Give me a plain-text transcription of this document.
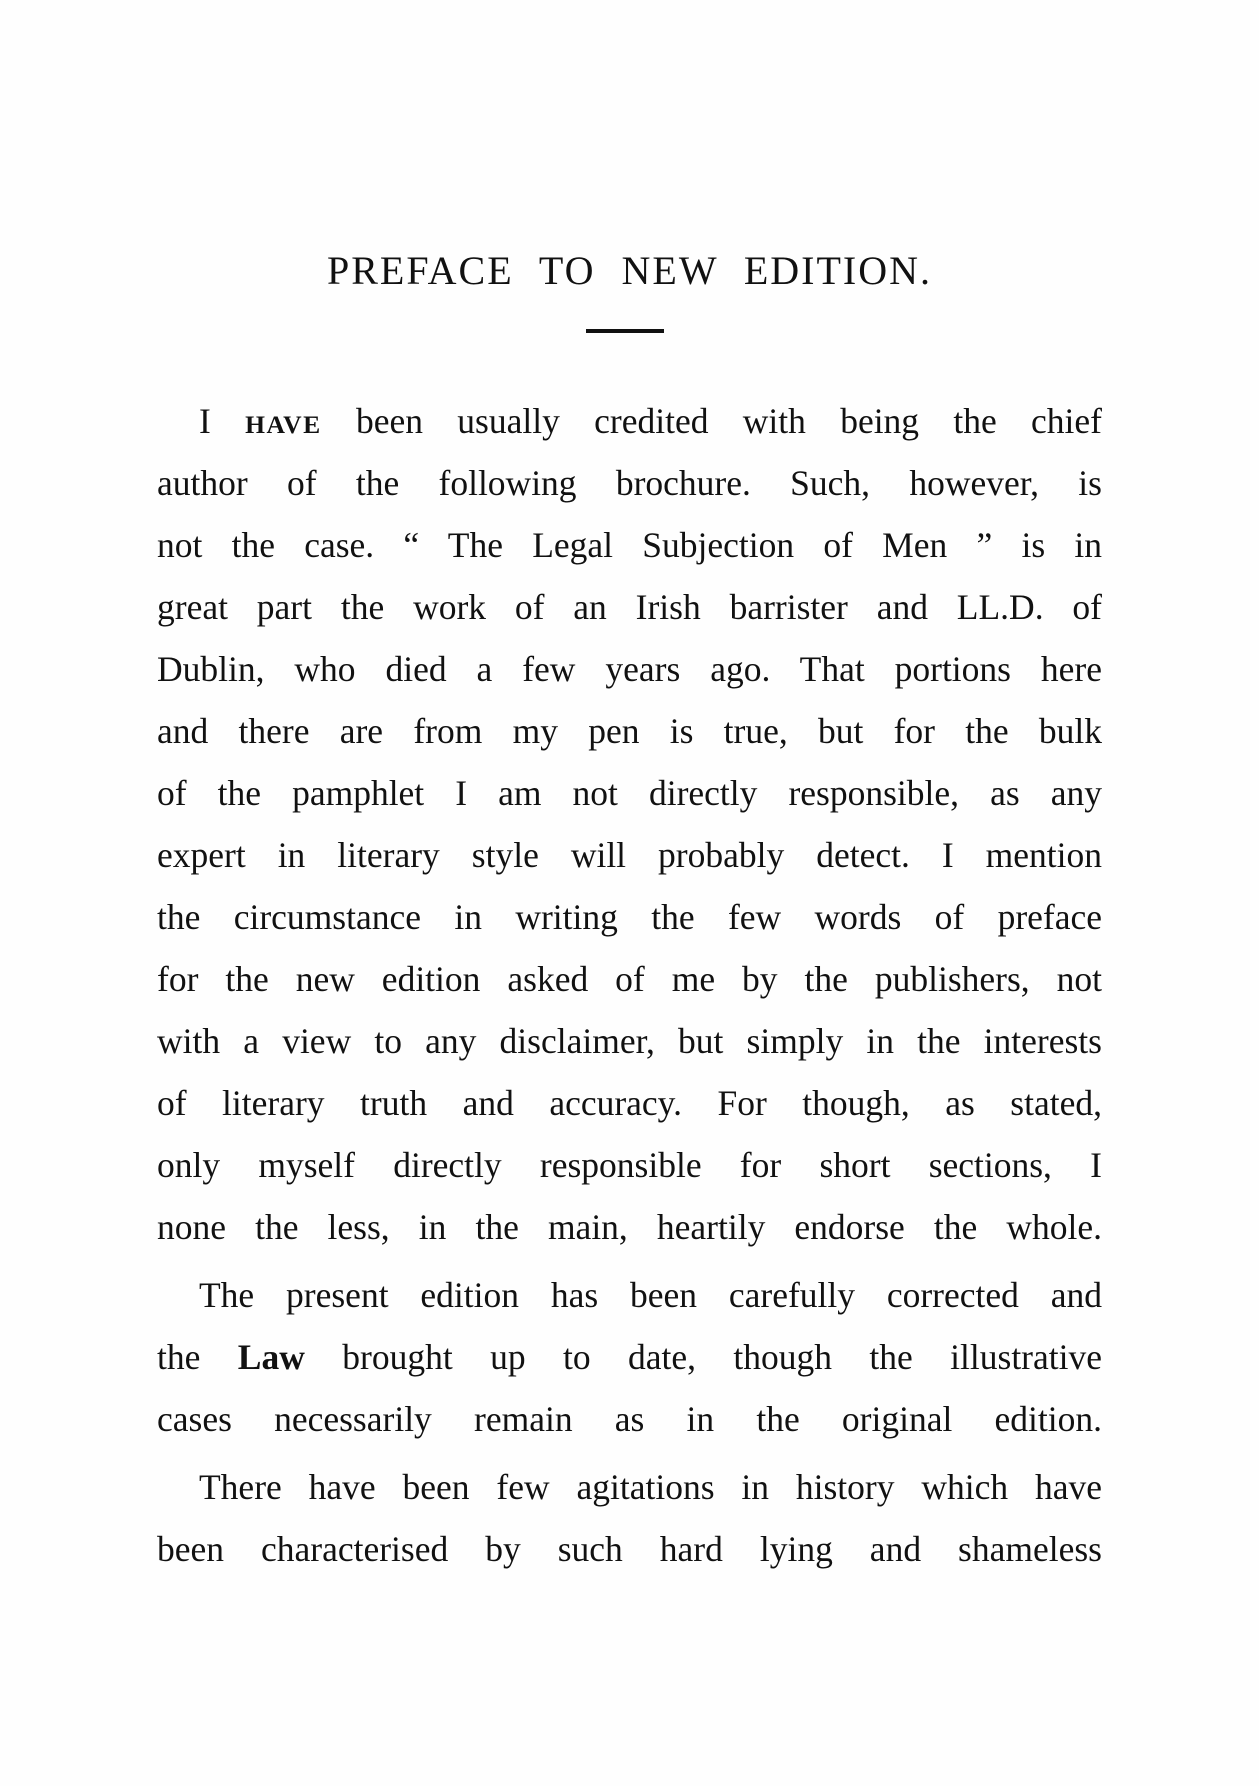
PREFACE TO NEW EDITION.
I HAVE been usually credited with being the chief
author of the following brochure. Such, however, is
not the case. “ The Legal Subjection of Men ” is in
great part the work of an Irish barrister and LL.D. of
Dublin, who died a few years ago. That portions here
and there are from my pen is true, but for the bulk
of the pamphlet I am not directly responsible, as any
expert in literary style will probably detect. I mention
the circumstance in writing the few words of preface
for the new edition asked of me by the publishers, not
with a view to any disclaimer, but simply in the interests
of literary truth and accuracy. For though, as stated,
only myself directly responsible for short sections, I
none the less, in the main, heartily endorse the whole.
The present edition has been carefully corrected and
the Law brought up to date, though the illustrative
cases necessarily remain as in the original edition.
There have been few agitations in history which have
been characterised by such hard lying and shameless
